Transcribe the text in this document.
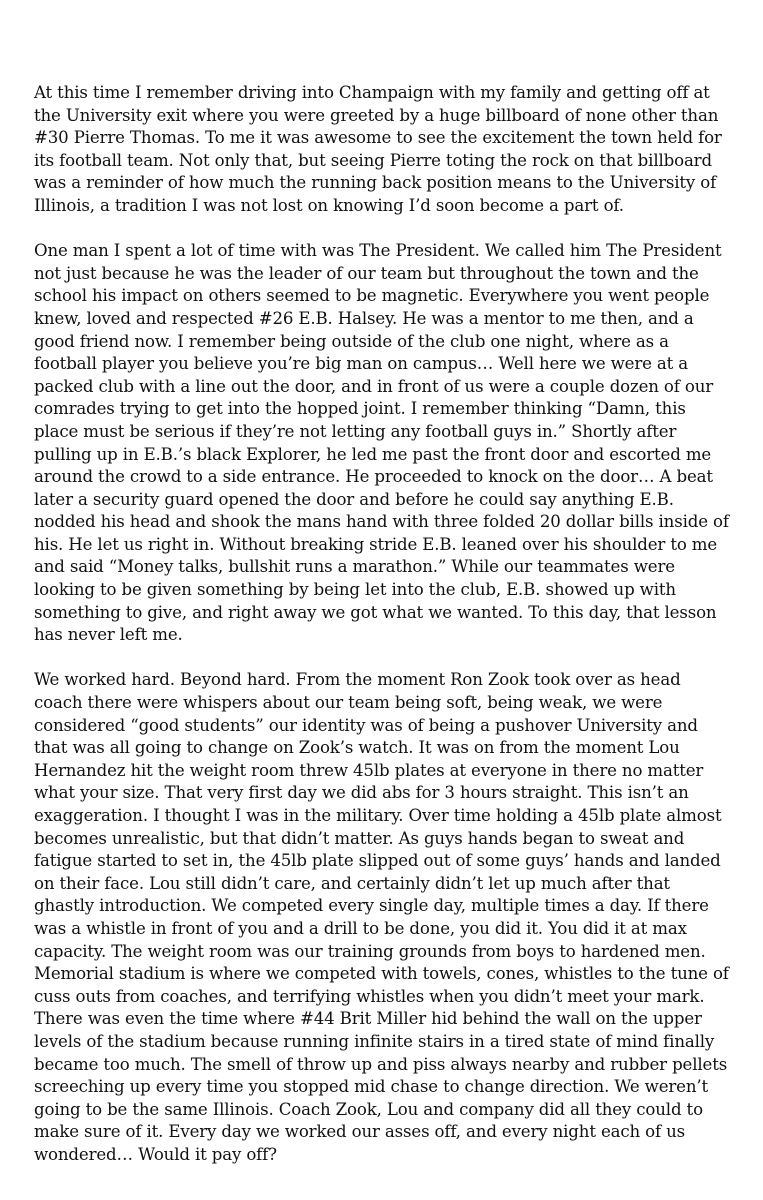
At this time I remember driving into Champaign with my family and getting off at the University exit where you were greeted by a huge billboard of none other than #30 Pierre Thomas. To me it was awesome to see the excitement the town held for its football team. Not only that, but seeing Pierre toting the rock on that billboard was a reminder of how much the running back position means to the University of Illinois, a tradition I was not lost on knowing I’d soon become a part of.

One man I spent a lot of time with was The President. We called him The President not just because he was the leader of our team but throughout the town and the school his impact on others seemed to be magnetic. Everywhere you went people knew, loved and respected #26 E.B. Halsey. He was a mentor to me then, and a good friend now. I remember being outside of the club one night, where as a football player you believe you’re big man on campus… Well here we were at a packed club with a line out the door, and in front of us were a couple dozen of our comrades trying to get into the hopped joint. I remember thinking “Damn, this place must be serious if they’re not letting any football guys in.” Shortly after pulling up in E.B.’s black Explorer, he led me past the front door and escorted me around the crowd to a side entrance. He proceeded to knock on the door… A beat later a security guard opened the door and before he could say anything E.B. nodded his head and shook the mans hand with three folded 20 dollar bills inside of his. He let us right in. Without breaking stride E.B. leaned over his shoulder to me and said “Money talks, bullshit runs a marathon.” While our teammates were looking to be given something by being let into the club, E.B. showed up with something to give, and right away we got what we wanted. To this day, that lesson has never left me.

We worked hard. Beyond hard. From the moment Ron Zook took over as head coach there were whispers about our team being soft, being weak, we were considered “good students” our identity was of being a pushover University and that was all going to change on Zook’s watch. It was on from the moment Lou Hernandez hit the weight room threw 45lb plates at everyone in there no matter what your size. That very first day we did abs for 3 hours straight. This isn’t an exaggeration. I thought I was in the military. Over time holding a 45lb plate almost becomes unrealistic, but that didn’t matter. As guys hands began to sweat and fatigue started to set in, the 45lb plate slipped out of some guys’ hands and landed on their face. Lou still didn’t care, and certainly didn’t let up much after that ghastly introduction. We competed every single day, multiple times a day. If there was a whistle in front of you and a drill to be done, you did it. You did it at max capacity. The weight room was our training grounds from boys to hardened men. Memorial stadium is where we competed with towels, cones, whistles to the tune of cuss outs from coaches, and terrifying whistles when you didn’t meet your mark. There was even the time where #44 Brit Miller hid behind the wall on the upper levels of the stadium because running infinite stairs in a tired state of mind finally became too much. The smell of throw up and piss always nearby and rubber pellets screeching up every time you stopped mid chase to change direction. We weren’t going to be the same Illinois. Coach Zook, Lou and company did all they could to make sure of it. Every day we worked our asses off, and every night each of us wondered… Would it pay off?
